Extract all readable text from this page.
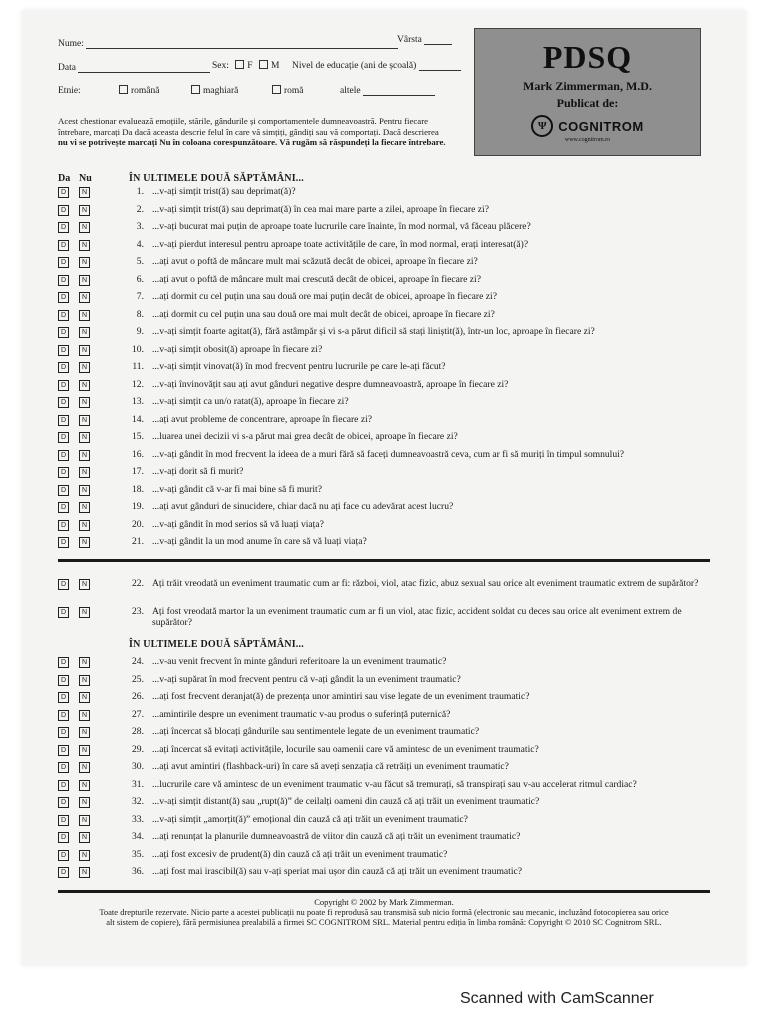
Nume:	Vârsta
Data	Sex: F M Nivel de educație (ani de școală)
Etnie:	română	maghiară	romă	altele
Acest chestionar evaluează emoțiile, stările, gândurile și comportamentele dumneavoastră. Pentru fiecare
întrebare, marcați Da dacă aceasta descrie felul în care vă simțiți, gândiți sau vă comportați. Dacă descrierea
nu vi se potrivește marcați Nu în coloana corespunzătoare. Vă rugăm să răspundeți la fiecare întrebare.
PDSQ
Mark Zimmerman, M.D.
Publicat de:
Ψ COGNITROM
www.cognitrom.ro
Da Nu	ÎN ULTIMELE DOUĂ SĂPTĂMÂNI...
D	N	1. ...v-ați simțit trist(ă) sau deprimat(ă)?
D	N	2. ...v-ați simțit trist(ă) sau deprimat(ă) în cea mai mare parte a zilei, aproape în fiecare zi?
D	N	3. ...v-ați bucurat mai puțin de aproape toate lucrurile care înainte, în mod normal, vă făceau plăcere?
D	N	4. ...v-ați pierdut interesul pentru aproape toate activitățile de care, în mod normal, erați interesat(ă)?
D	N	5. ...ați avut o poftă de mâncare mult mai scăzută decât de obicei, aproape în fiecare zi?
D	N	6. ...ați avut o poftă de mâncare mult mai crescută decât de obicei, aproape în fiecare zi?
D	N	7. ...ați dormit cu cel puțin una sau două ore mai puțin decât de obicei, aproape în fiecare zi?
D	N	8. ...ați dormit cu cel puțin una sau două ore mai mult decât de obicei, aproape în fiecare zi?
D	N	9. ...v-ați simțit foarte agitat(ă), fără astâmpăr și vi s-a părut dificil să stați liniștit(ă), într-un loc, aproape în fiecare zi?
D	N	10. ...v-ați simțit obosit(ă) aproape în fiecare zi?
D	N	11. ...v-ați simțit vinovat(ă) în mod frecvent pentru lucrurile pe care le-ați făcut?
D	N	12. ...v-ați învinovățit sau ați avut gânduri negative despre dumneavoastră, aproape în fiecare zi?
D	N	13. ...v-ați simțit ca un/o ratat(ă), aproape în fiecare zi?
D	N	14. ...ați avut probleme de concentrare, aproape în fiecare zi?
D	N	15. ...luarea unei decizii vi s-a părut mai grea decât de obicei, aproape în fiecare zi?
D	N	16. ...v-ați gândit în mod frecvent la ideea de a muri fără să faceți dumneavoastră ceva, cum ar fi să muriți în timpul somnului?
D	N	17. ...v-ați dorit să fi murit?
D	N	18. ...v-ați gândit că v-ar fi mai bine să fi murit?
D	N	19. ...ați avut gânduri de sinucidere, chiar dacă nu ați face cu adevărat acest lucru?
D	N	20. ...v-ați gândit în mod serios să vă luați viața?
D	N	21. ...v-ați gândit la un mod anume în care să vă luați viața?
D	N	22. Ați trăit vreodată un eveniment traumatic cum ar fi: război, viol, atac fizic, abuz sexual sau orice alt eveniment traumatic extrem de supărător?
D	N	23. Ați fost vreodată martor la un eveniment traumatic cum ar fi un viol, atac fizic, accident soldat cu deces sau orice alt eveniment extrem de supărător?
ÎN ULTIMELE DOUĂ SĂPTĂMÂNI...
D	N	24. ...v-au venit frecvent în minte gânduri referitoare la un eveniment traumatic?
D	N	25. ...v-ați supărat în mod frecvent pentru că v-ați gândit la un eveniment traumatic?
D	N	26. ...ați fost frecvent deranjat(ă) de prezența unor amintiri sau vise legate de un eveniment traumatic?
D	N	27. ...amintirile despre un eveniment traumatic v-au produs o suferință puternică?
D	N	28. ...ați încercat să blocați gândurile sau sentimentele legate de un eveniment traumatic?
D	N	29. ...ați încercat să evitați activitățile, locurile sau oamenii care vă amintesc de un eveniment traumatic?
D	N	30. ...ați avut amintiri (flashback-uri) în care să aveți senzația că retrăiți un eveniment traumatic?
D	N	31. ...lucrurile care vă amintesc de un eveniment traumatic v-au făcut să tremurați, să transpirați sau v-au accelerat ritmul cardiac?
D	N	32. ...v-ați simțit distant(ă) sau „rupt(ă)” de ceilalți oameni din cauză că ați trăit un eveniment traumatic?
D	N	33. ...v-ați simțit „amorțit(ă)” emoțional din cauză că ați trăit un eveniment traumatic?
D	N	34. ...ați renunțat la planurile dumneavoastră de viitor din cauză că ați trăit un eveniment traumatic?
D	N	35. ...ați fost excesiv de prudent(ă) din cauză că ați trăit un eveniment traumatic?
D	N	36. ...ați fost mai irascibil(ă) sau v-ați speriat mai ușor din cauză că ați trăit un eveniment traumatic?
Copyright © 2002 by Mark Zimmerman.
Toate drepturile rezervate. Nicio parte a acestei publicații nu poate fi reprodusă sau transmisă sub nicio formă (electronic sau mecanic, incluzând fotocopierea sau orice
alt sistem de copiere), fără permisiunea prealabilă a firmei SC COGNITROM SRL. Material pentru ediția în limba română: Copyright © 2010 SC Cognitrom SRL.
Scanned with CamScanner
